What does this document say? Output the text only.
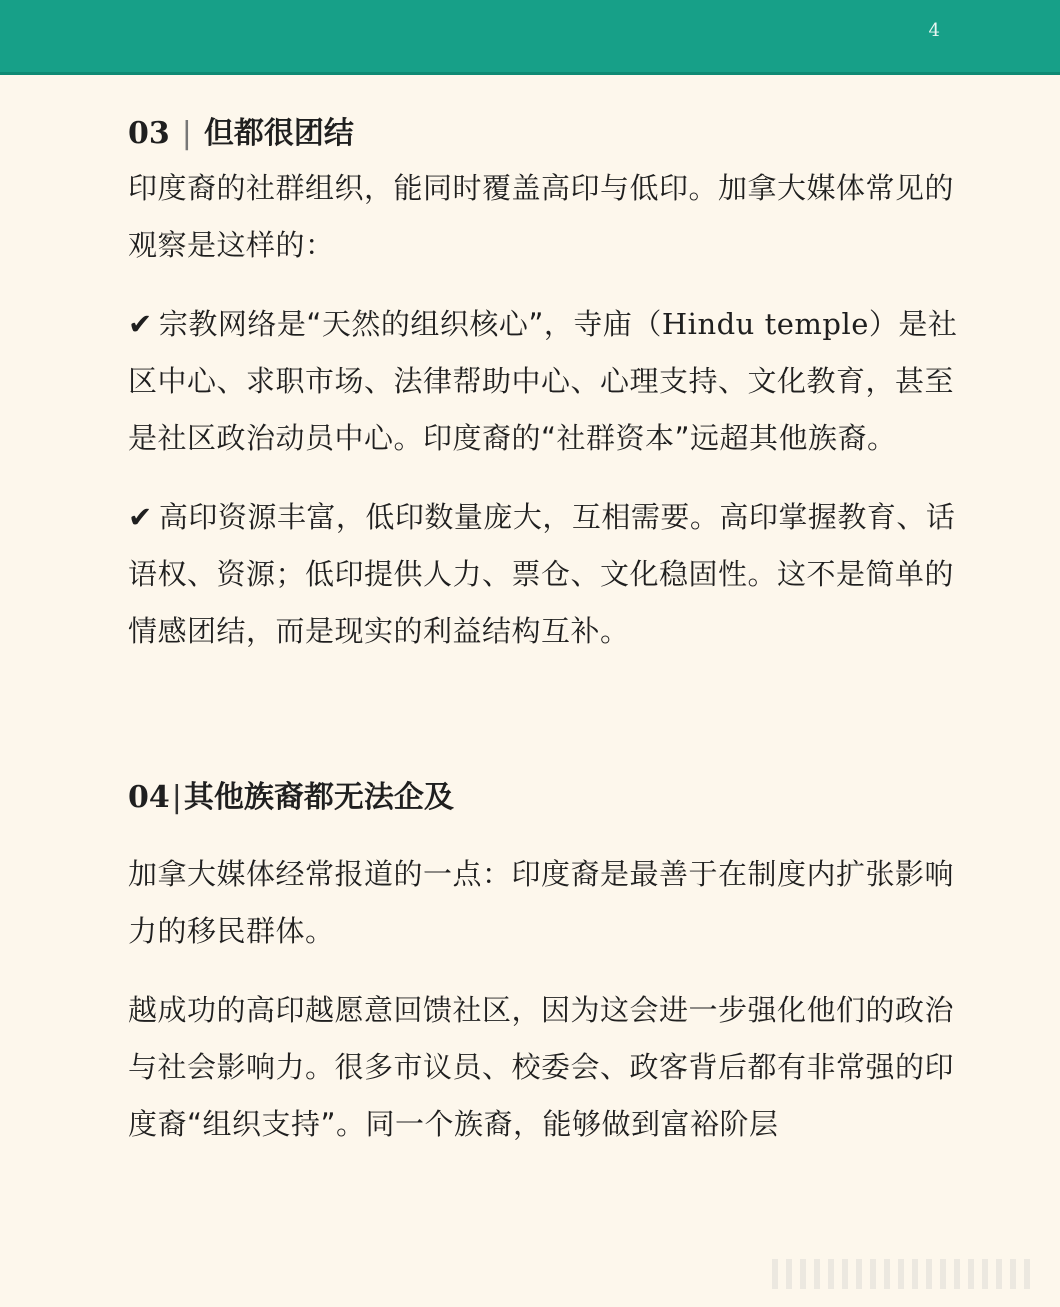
4
03 | 但都很团结

印度裔的社群组织，能同时覆盖高印与低印。加拿大媒体常见的观察是这样的：

✔ 宗教网络是“天然的组织核心”，寺庙（Hindu temple）是社区中心、求职市场、法律帮助中心、心理支持、文化教育，甚至是社区政治动员中心。印度裔的“社群资本”远超其他族裔。

✔ 高印资源丰富，低印数量庞大，互相需要。高印掌握教育、话语权、资源；低印提供人力、票仓、文化稳固性。这不是简单的情感团结，而是现实的利益结构互补。

04|其他族裔都无法企及

加拿大媒体经常报道的一点：印度裔是最善于在制度内扩张影响力的移民群体。

越成功的高印越愿意回馈社区，因为这会进一步强化他们的政治与社会影响力。很多市议员、校委会、政客背后都有非常强的印度裔“组织支持”。同一个族裔，能够做到富裕阶层
